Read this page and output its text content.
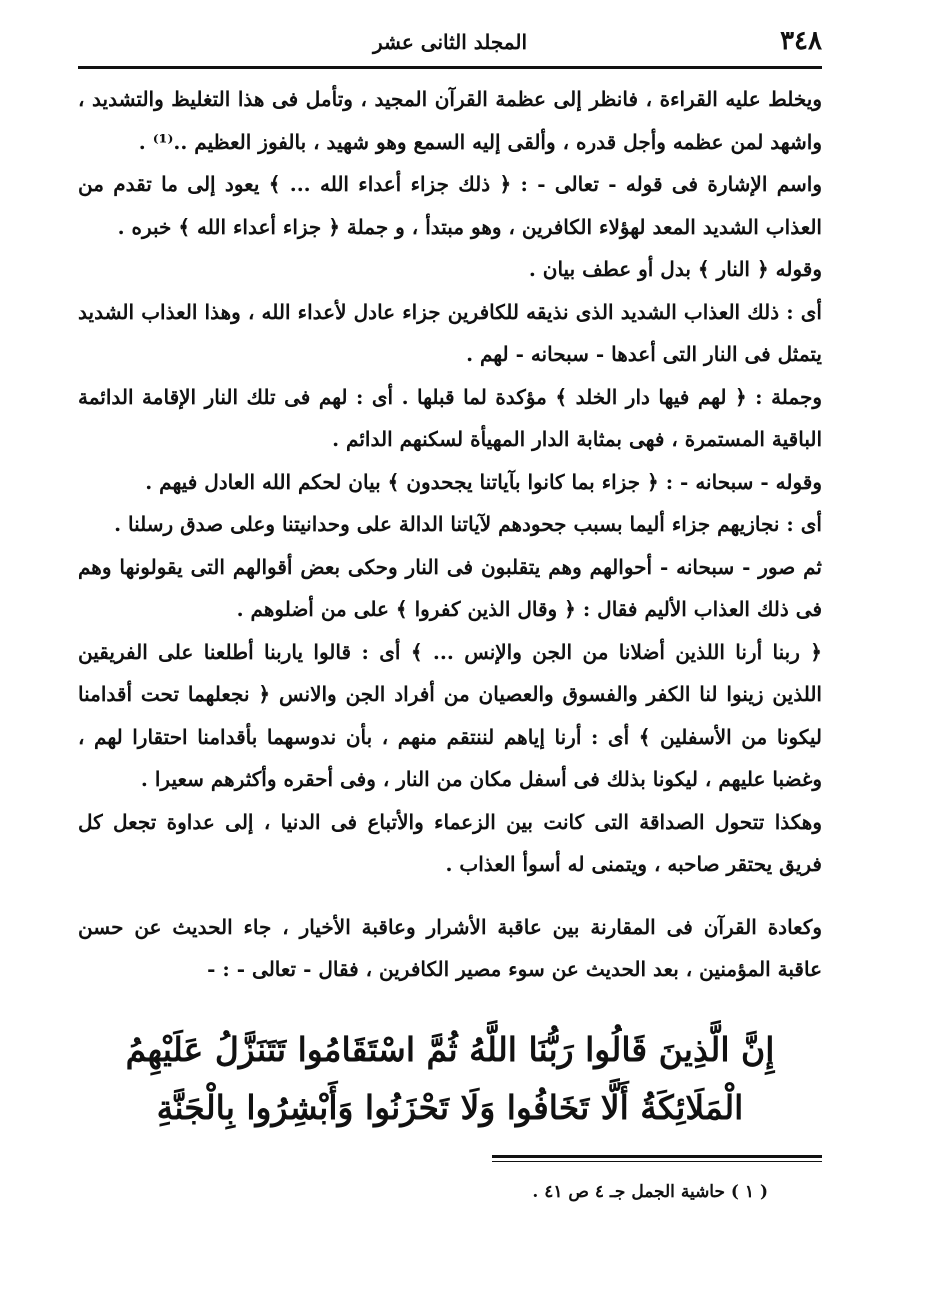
٣٤٨
المجلد الثانى عشر

ويخلط عليه القراءة ، فانظر إلى عظمة القرآن المجيد ، وتأمل فى هذا التغليظ والتشديد ، واشهد لمن عظمه وأجل قدره ، وألقى إليه السمع وهو شهيد ، بالفوز العظيم ..⁽¹⁾ .

واسم الإشارة فى قوله - تعالى - : ﴿ ذلك جزاء أعداء الله ... ﴾ يعود إلى ما تقدم من العذاب الشديد المعد لهؤلاء الكافرين ، وهو مبتدأ ، و جملة ﴿ جزاء أعداء الله ﴾ خبره .

وقوله ﴿ النار ﴾ بدل أو عطف بيان .

أى : ذلك العذاب الشديد الذى نذيقه للكافرين جزاء عادل لأعداء الله ، وهذا العذاب الشديد يتمثل فى النار التى أعدها - سبحانه - لهم .

وجملة : ﴿ لهم فيها دار الخلد ﴾ مؤكدة لما قبلها . أى : لهم فى تلك النار الإقامة الدائمة الباقية المستمرة ، فهى بمثابة الدار المهيأة لسكنهم الدائم .

وقوله - سبحانه - : ﴿ جزاء بما كانوا بآياتنا يجحدون ﴾ بيان لحكم الله العادل فيهم .

أى : نجازيهم جزاء أليما بسبب جحودهم لآياتنا الدالة على وحدانيتنا وعلى صدق رسلنا .

ثم صور - سبحانه - أحوالهم وهم يتقلبون فى النار وحكى بعض أقوالهم التى يقولونها وهم فى ذلك العذاب الأليم فقال : ﴿ وقال الذين كفروا ﴾ على من أضلوهم .

﴿ ربنا أرنا اللذين أضلانا من الجن والإنس ... ﴾ أى : قالوا ياربنا أطلعنا على الفريقين اللذين زينوا لنا الكفر والفسوق والعصيان من أفراد الجن والانس ﴿ نجعلهما تحت أقدامنا ليكونا من الأسفلين ﴾ أى : أرنا إياهم لننتقم منهم ، بأن ندوسهما بأقدامنا احتقارا لهم ، وغضبا عليهم ، ليكونا بذلك فى أسفل مكان من النار ، وفى أحقره وأكثرهم سعيرا .

وهكذا تتحول الصداقة التى كانت بين الزعماء والأتباع فى الدنيا ، إلى عداوة تجعل كل فريق يحتقر صاحبه ، ويتمنى له أسوأ العذاب .

وكعادة القرآن فى المقارنة بين عاقبة الأشرار وعاقبة الأخيار ، جاء الحديث عن حسن عاقبة المؤمنين ، بعد الحديث عن سوء مصير الكافرين ، فقال - تعالى - : -

إِنَّ الَّذِينَ قَالُوا رَبُّنَا اللَّهُ ثُمَّ اسْتَقَامُوا تَتَنَزَّلُ عَلَيْهِمُ
الْمَلَائِكَةُ أَلَّا تَخَافُوا وَلَا تَحْزَنُوا وَأَبْشِرُوا بِالْجَنَّةِ
( ١ ) حاشية الجمل جـ ٤ ص ٤١ .
